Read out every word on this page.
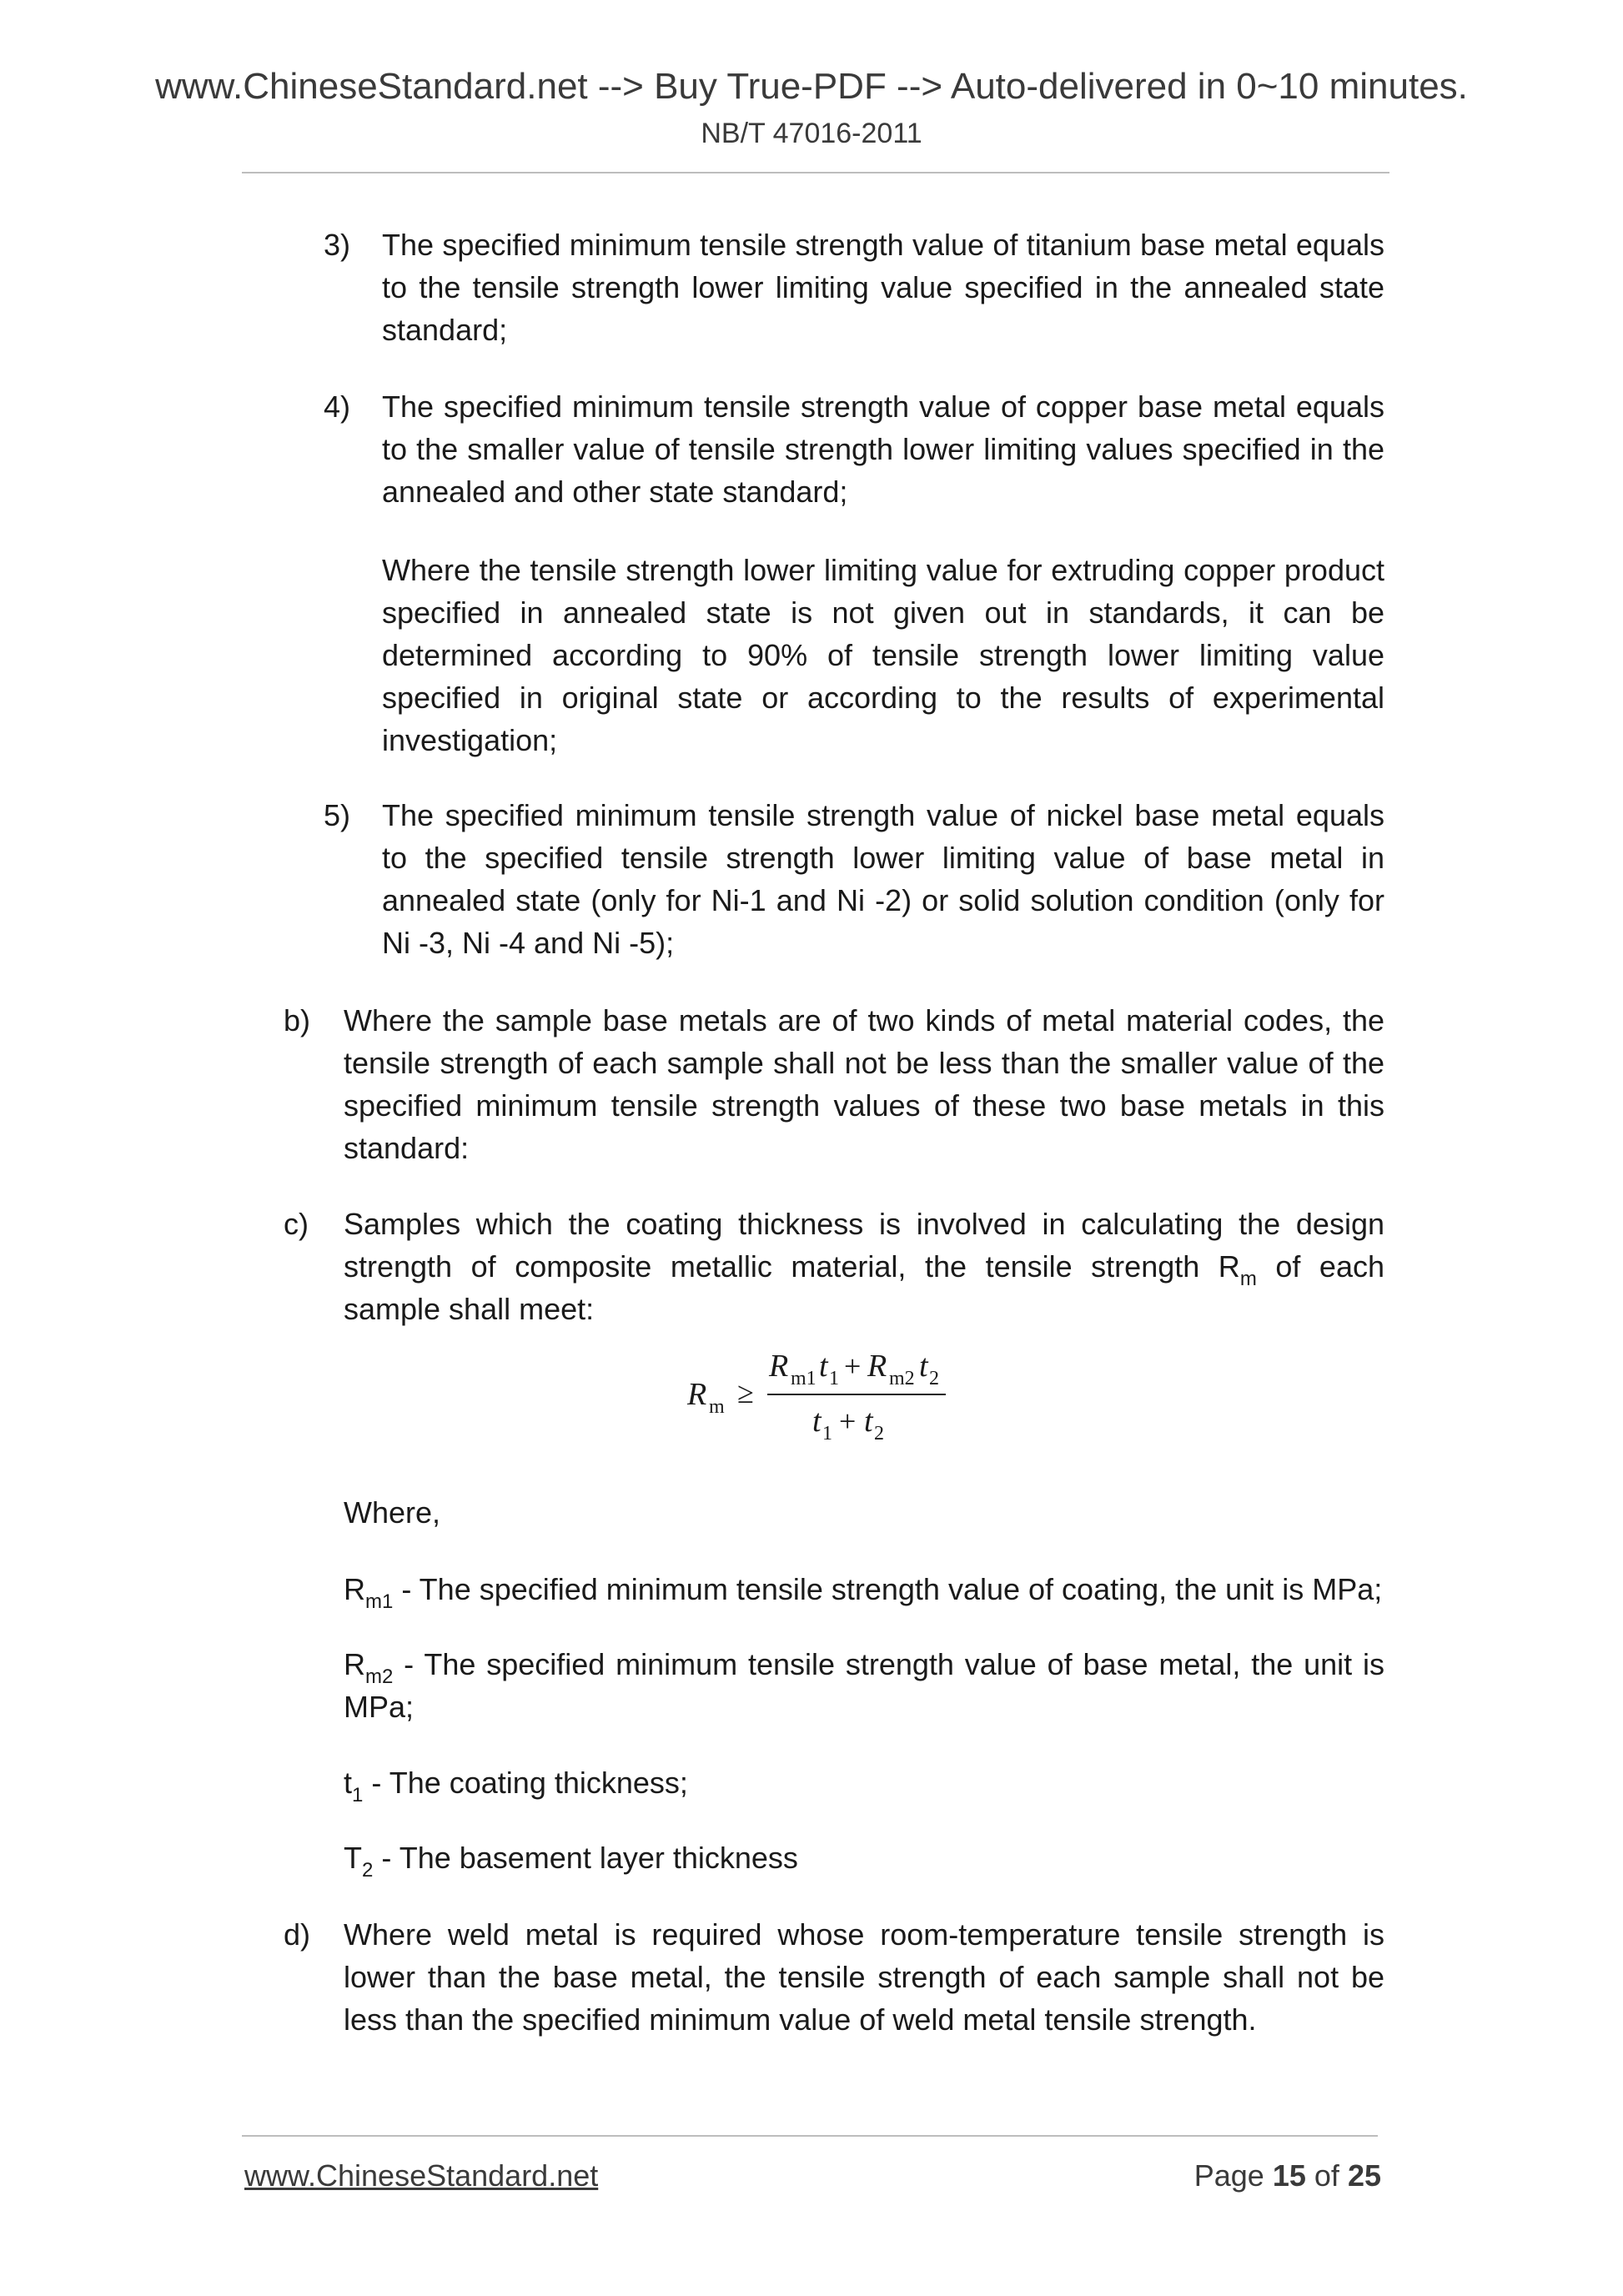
www.ChineseStandard.net --> Buy True-PDF --> Auto-delivered in 0~10 minutes.
NB/T 47016-2011
3) The specified minimum tensile strength value of titanium base metal equals to the tensile strength lower limiting value specified in the annealed state standard;
4) The specified minimum tensile strength value of copper base metal equals to the smaller value of tensile strength lower limiting values specified in the annealed and other state standard;
Where the tensile strength lower limiting value for extruding copper product specified in annealed state is not given out in standards, it can be determined according to 90% of tensile strength lower limiting value specified in original state or according to the results of experimental investigation;
5) The specified minimum tensile strength value of nickel base metal equals to the specified tensile strength lower limiting value of base metal in annealed state (only for Ni-1 and Ni -2) or solid solution condition (only for Ni -3, Ni -4 and Ni -5);
b) Where the sample base metals are of two kinds of metal material codes, the tensile strength of each sample shall not be less than the smaller value of the specified minimum tensile strength values of these two base metals in this standard:
c) Samples which the coating thickness is involved in calculating the design strength of composite metallic material, the tensile strength $R_m$ of each sample shall meet:
Where,
$R_{m1}$ - The specified minimum tensile strength value of coating, the unit is MPa;
$R_{m2}$ - The specified minimum tensile strength value of base metal, the unit is MPa;
$t_1$ - The coating thickness;
$T_2$ - The basement layer thickness
d) Where weld metal is required whose room-temperature tensile strength is lower than the base metal, the tensile strength of each sample shall not be less than the specified minimum value of weld metal tensile strength.
R m ≥
R m1 t 1 + R m2 t 2
t 1 + t 2
www.ChineseStandard.net	Page 15 of 25
